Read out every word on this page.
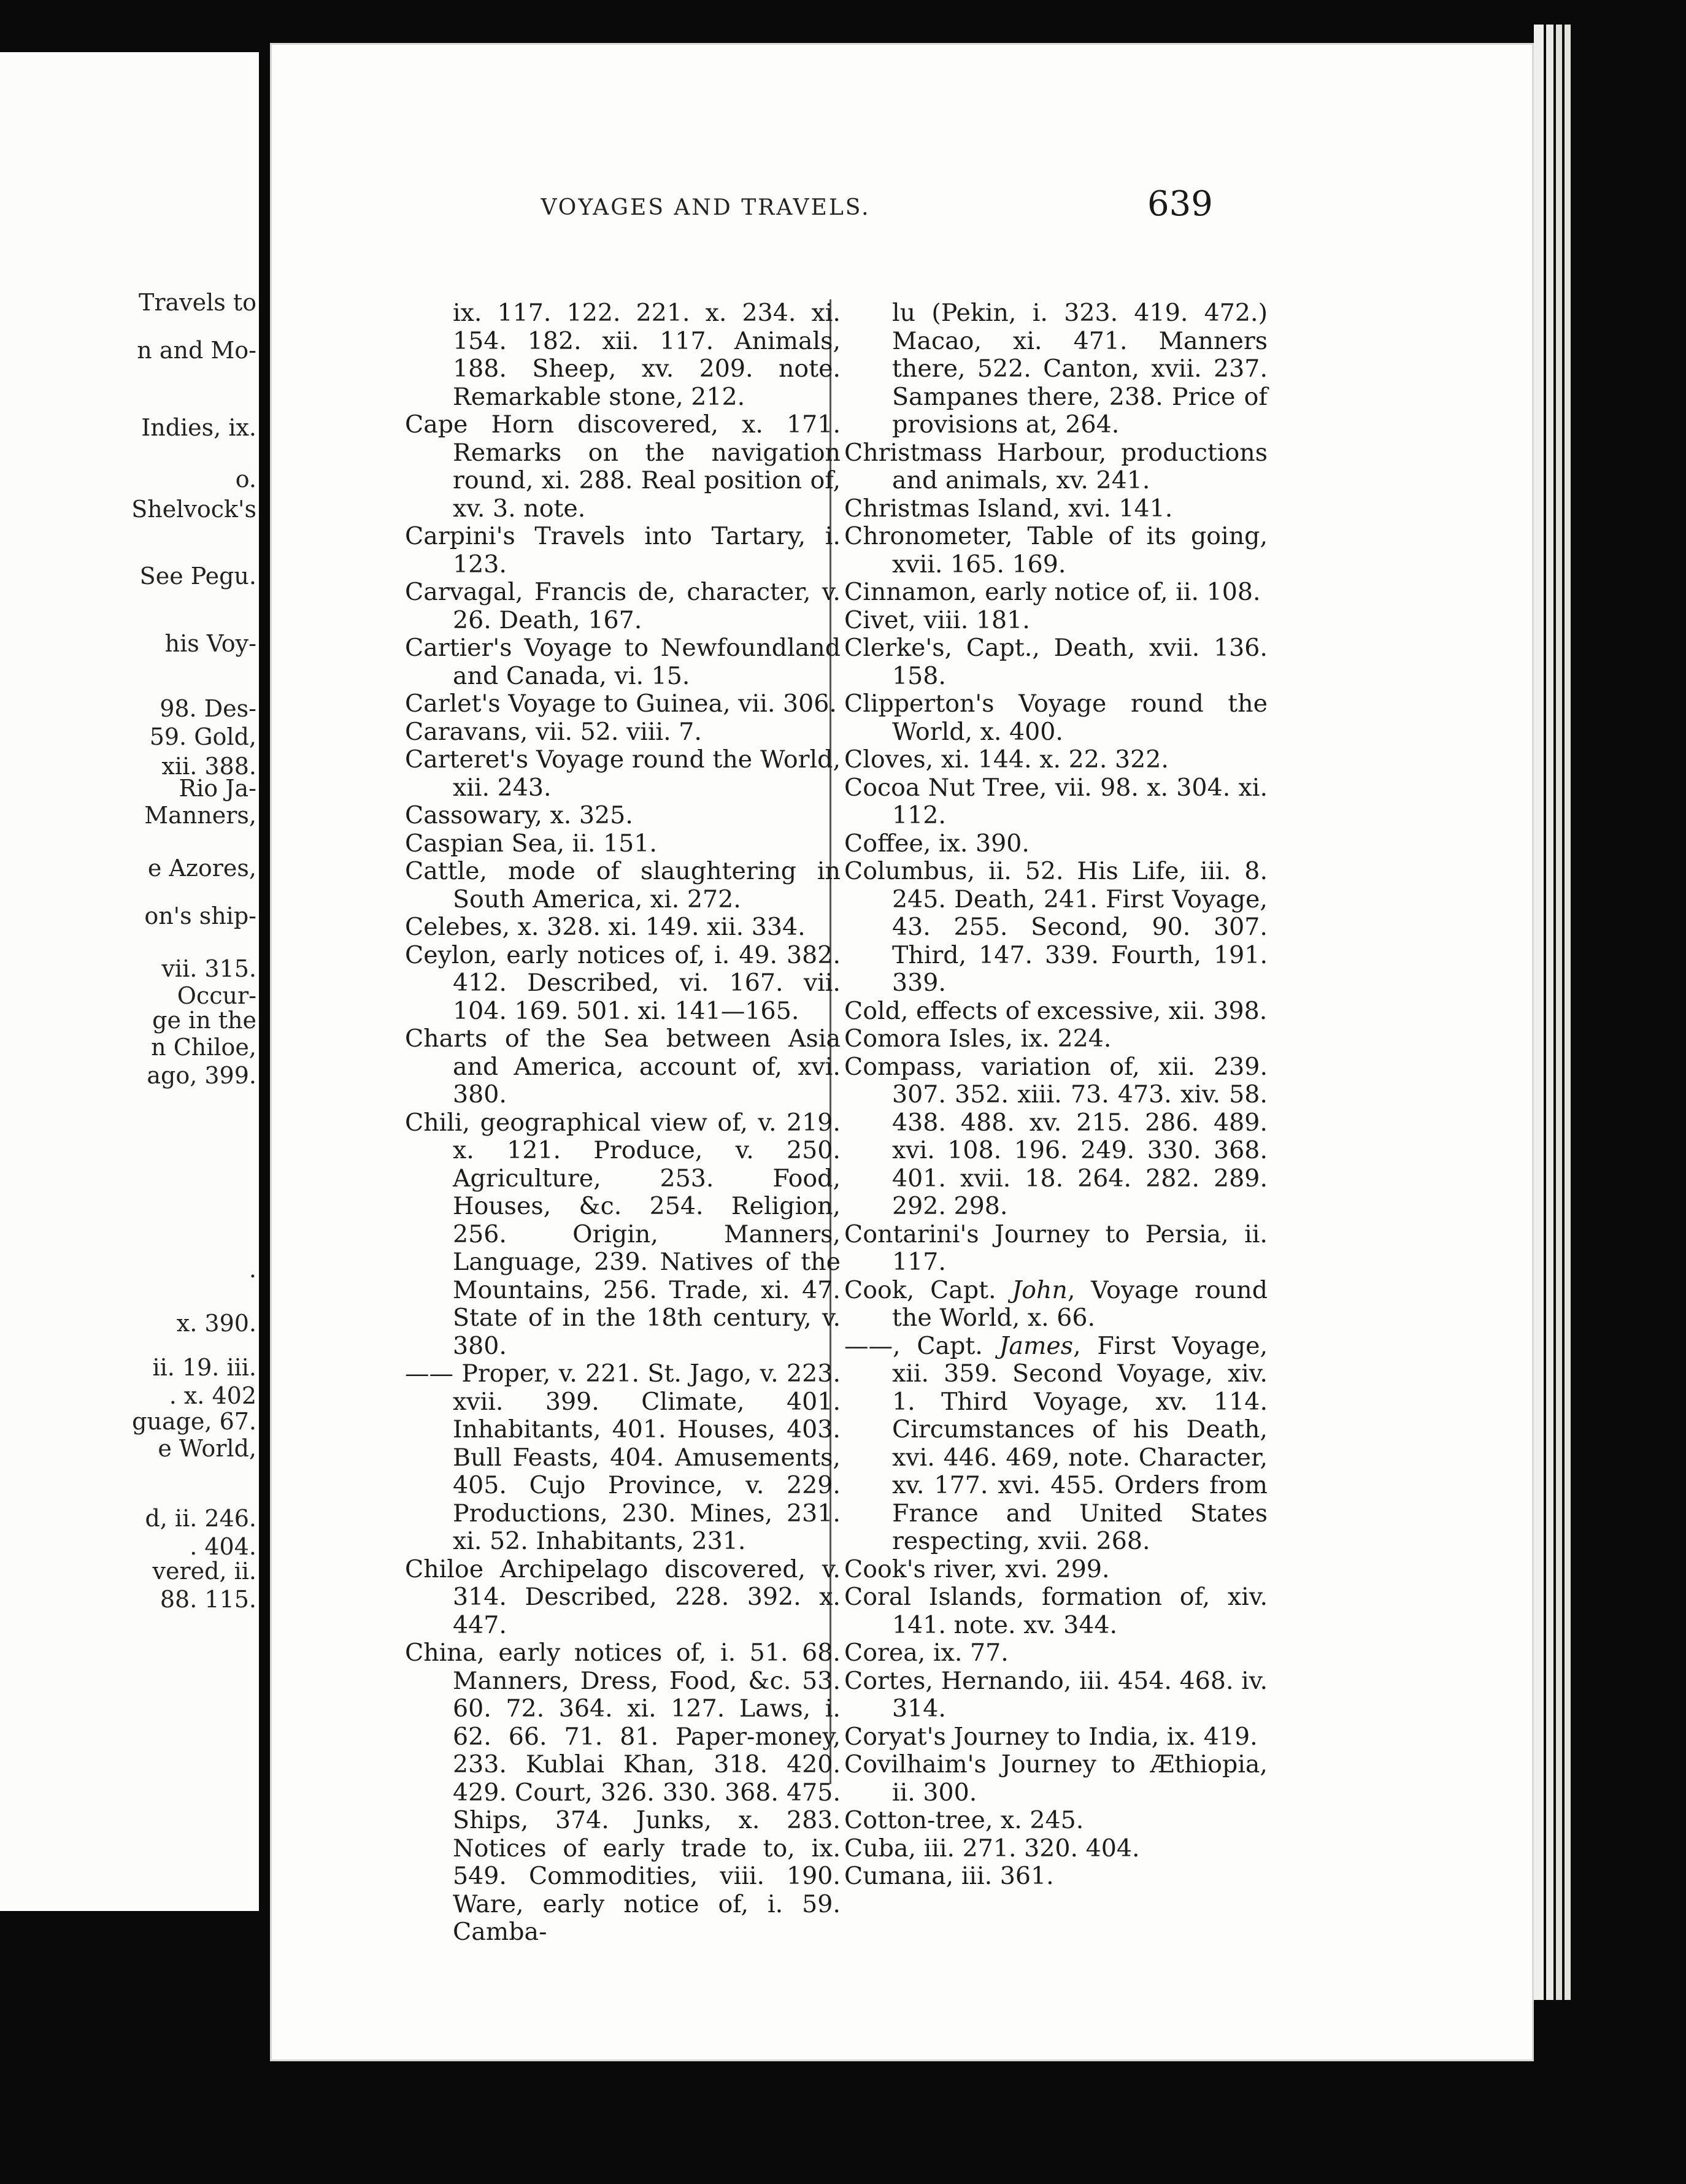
Travels to
n and Mo-
Indies, ix.
o.
Shelvock's
See Pegu.
his Voy-
98. Des-
59. Gold,
xii. 388.
Rio Ja-
Manners,
e Azores,
on's ship-
vii. 315.
Occur-
ge in the
n Chiloe,
ago, 399.
.
x. 390.
ii. 19. iii.
. x. 402
guage, 67.
e World,
d, ii. 246.
. 404.
vered, ii.
88. 115.
VOYAGES AND TRAVELS.	639

ix. 117. 122. 221. x. 234. xi. 154. 182. xii. 117. Animals, 188. Sheep, xv. 209. note. Remarkable stone, 212.

Cape Horn discovered, x. 171. Remarks on the navigation round, xi. 288. Real position of, xv. 3. note.

Carpini's Travels into Tartary, i. 123.

Carvagal, Francis de, character, v. 26. Death, 167.

Cartier's Voyage to Newfoundland and Canada, vi. 15.

Carlet's Voyage to Guinea, vii. 306.

Caravans, vii. 52. viii. 7.

Carteret's Voyage round the World, xii. 243.

Cassowary, x. 325.

Caspian Sea, ii. 151.

Cattle, mode of slaughtering in South America, xi. 272.

Celebes, x. 328. xi. 149. xii. 334.

Ceylon, early notices of, i. 49. 382. 412. Described, vi. 167. vii. 104. 169. 501. xi. 141—165.

Charts of the Sea between Asia and America, account of, xvi. 380.

Chili, geographical view of, v. 219. x. 121. Produce, v. 250. Agriculture, 253. Food, Houses, &c. 254. Religion, 256. Origin, Manners, Language, 239. Natives of the Mountains, 256. Trade, xi. 47. State of in the 18th century, v. 380.

—— Proper, v. 221. St. Jago, v. 223. xvii. 399. Climate, 401. Inhabitants, 401. Houses, 403. Bull Feasts, 404. Amusements, 405. Cujo Province, v. 229. Productions, 230. Mines, 231. xi. 52. Inhabitants, 231.

Chiloe Archipelago discovered, v. 314. Described, 228. 392. x. 447.

China, early notices of, i. 51. 68. Manners, Dress, Food, &c. 53. 60. 72. 364. xi. 127. Laws, i. 62. 66. 71. 81. Paper-money, 233. Kublai Khan, 318. 420. 429. Court, 326. 330. 368. 475. Ships, 374. Junks, x. 283. Notices of early trade to, ix. 549. Commodities, viii. 190. Ware, early notice of, i. 59. Camba-

lu (Pekin, i. 323. 419. 472.) Macao, xi. 471. Manners there, 522. Canton, xvii. 237. Sampanes there, 238. Price of provisions at, 264.

Christmass Harbour, productions and animals, xv. 241.

Christmas Island, xvi. 141.

Chronometer, Table of its going, xvii. 165. 169.

Cinnamon, early notice of, ii. 108.

Civet, viii. 181.

Clerke's, Capt., Death, xvii. 136. 158.

Clipperton's Voyage round the World, x. 400.

Cloves, xi. 144. x. 22. 322.

Cocoa Nut Tree, vii. 98. x. 304. xi. 112.

Coffee, ix. 390.

Columbus, ii. 52. His Life, iii. 8. 245. Death, 241. First Voyage, 43. 255. Second, 90. 307. Third, 147. 339. Fourth, 191. 339.

Cold, effects of excessive, xii. 398.

Comora Isles, ix. 224.

Compass, variation of, xii. 239. 307. 352. xiii. 73. 473. xiv. 58. 438. 488. xv. 215. 286. 489. xvi. 108. 196. 249. 330. 368. 401. xvii. 18. 264. 282. 289. 292. 298.

Contarini's Journey to Persia, ii. 117.

Cook, Capt. John, Voyage round the World, x. 66.

——, Capt. James, First Voyage, xii. 359. Second Voyage, xiv. 1. Third Voyage, xv. 114. Circumstances of his Death, xvi. 446. 469, note. Character, xv. 177. xvi. 455. Orders from France and United States respecting, xvii. 268.

Cook's river, xvi. 299.

Coral Islands, formation of, xiv. 141. note. xv. 344.

Corea, ix. 77.

Cortes, Hernando, iii. 454. 468. iv. 314.

Coryat's Journey to India, ix. 419.

Covilhaim's Journey to Æthiopia, ii. 300.

Cotton-tree, x. 245.

Cuba, iii. 271. 320. 404.

Cumana, iii. 361.
